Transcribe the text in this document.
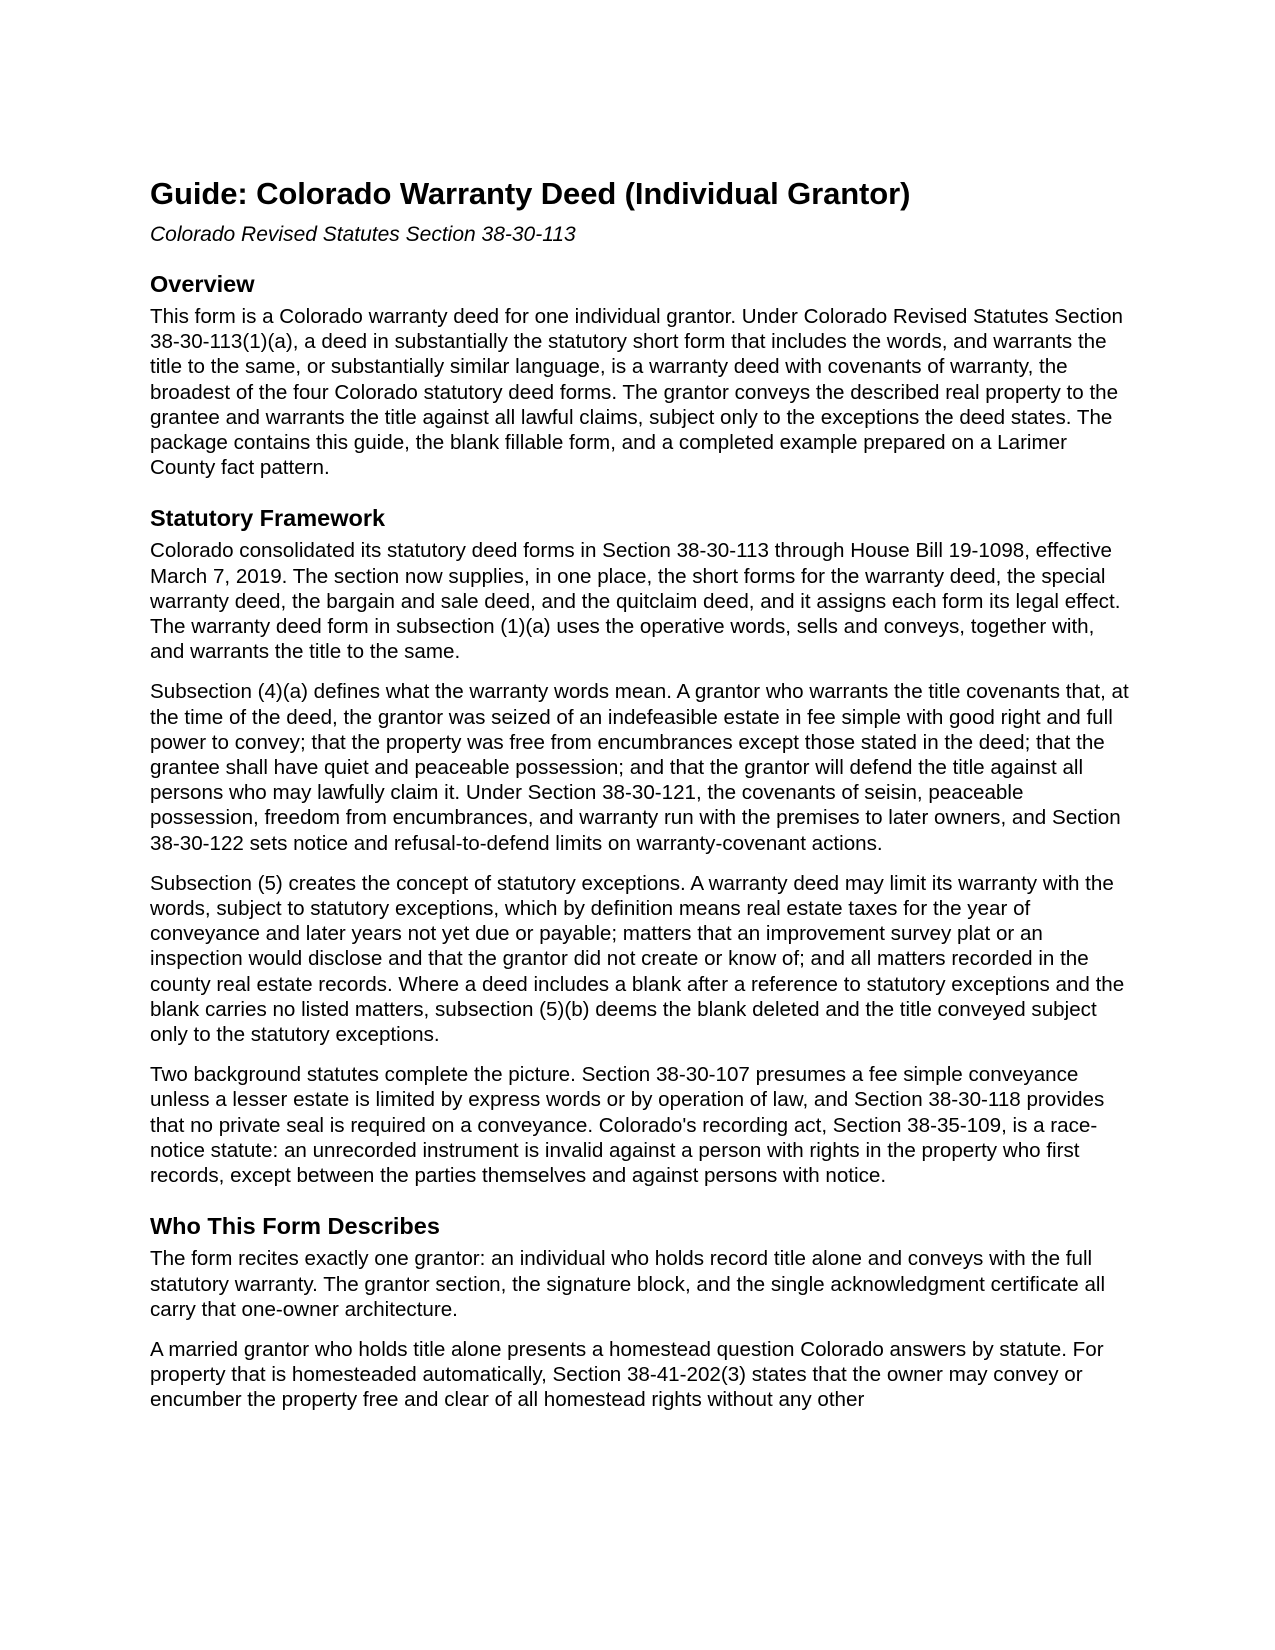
Guide: Colorado Warranty Deed (Individual Grantor)

Colorado Revised Statutes Section 38-30-113

Overview

This form is a Colorado warranty deed for one individual grantor. Under Colorado Revised Statutes Section 38-30-113(1)(a), a deed in substantially the statutory short form that includes the words, and warrants the title to the same, or substantially similar language, is a warranty deed with covenants of warranty, the broadest of the four Colorado statutory deed forms. The grantor conveys the described real property to the grantee and warrants the title against all lawful claims, subject only to the exceptions the deed states. The package contains this guide, the blank fillable form, and a completed example prepared on a Larimer County fact pattern.

Statutory Framework

Colorado consolidated its statutory deed forms in Section 38-30-113 through House Bill 19-1098, effective March 7, 2019. The section now supplies, in one place, the short forms for the warranty deed, the special warranty deed, the bargain and sale deed, and the quitclaim deed, and it assigns each form its legal effect. The warranty deed form in subsection (1)(a) uses the operative words, sells and conveys, together with, and warrants the title to the same.

Subsection (4)(a) defines what the warranty words mean. A grantor who warrants the title covenants that, at the time of the deed, the grantor was seized of an indefeasible estate in fee simple with good right and full power to convey; that the property was free from encumbrances except those stated in the deed; that the grantee shall have quiet and peaceable possession; and that the grantor will defend the title against all persons who may lawfully claim it. Under Section 38-30-121, the covenants of seisin, peaceable possession, freedom from encumbrances, and warranty run with the premises to later owners, and Section 38-30-122 sets notice and refusal-to-defend limits on warranty-covenant actions.

Subsection (5) creates the concept of statutory exceptions. A warranty deed may limit its warranty with the words, subject to statutory exceptions, which by definition means real estate taxes for the year of conveyance and later years not yet due or payable; matters that an improvement survey plat or an inspection would disclose and that the grantor did not create or know of; and all matters recorded in the county real estate records. Where a deed includes a blank after a reference to statutory exceptions and the blank carries no listed matters, subsection (5)(b) deems the blank deleted and the title conveyed subject only to the statutory exceptions.

Two background statutes complete the picture. Section 38-30-107 presumes a fee simple conveyance unless a lesser estate is limited by express words or by operation of law, and Section 38-30-118 provides that no private seal is required on a conveyance. Colorado's recording act, Section 38-35-109, is a race-notice statute: an unrecorded instrument is invalid against a person with rights in the property who first records, except between the parties themselves and against persons with notice.

Who This Form Describes

The form recites exactly one grantor: an individual who holds record title alone and conveys with the full statutory warranty. The grantor section, the signature block, and the single acknowledgment certificate all carry that one-owner architecture.

A married grantor who holds title alone presents a homestead question Colorado answers by statute. For property that is homesteaded automatically, Section 38-41-202(3) states that the owner may convey or encumber the property free and clear of all homestead rights without any other
